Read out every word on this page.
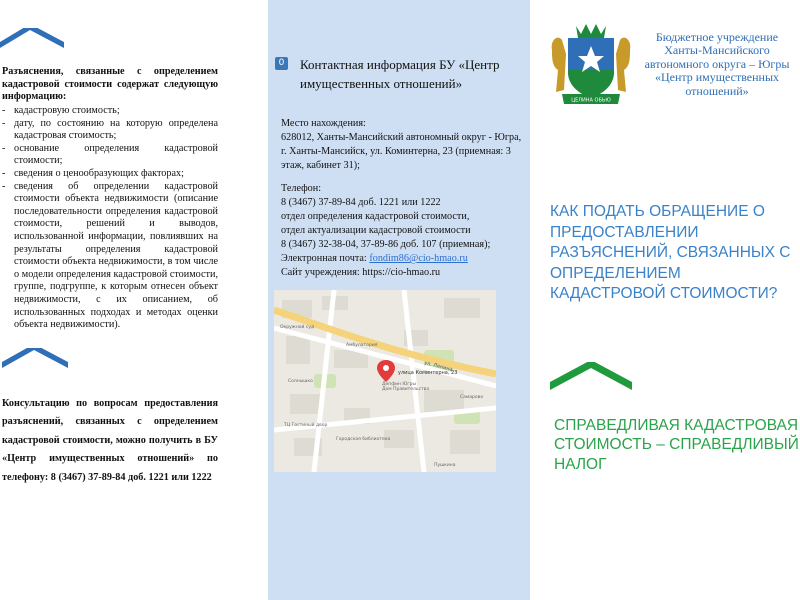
Разъяснения, связанные с определением кадастровой стоимости содержат следующую информацию:
- кадастровую стоимость;
- дату, по состоянию на которую определена кадастровая стоимость;
- основание определения кадастровой стоимости;
- сведения о ценообразующих факторах;
- сведения об определении кадастровой стоимости объекта недвижимости (описание последовательности определения кадастровой стоимости, решений и выводов, использованной информации, повлиявших на результаты определения кадастровой стоимости объекта недвижимости, в том числе о модели определения кадастровой стоимости, группе, подгруппе, к которым отнесен объект недвижимости, с их описанием, об использованных подходах и методах оценки объекта недвижимости).
Консультацию по вопросам предоставления разъяснений, связанных с определением кадастровой стоимости, можно получить в БУ «Центр имущественных отношений» по телефону: 8 (3467) 37-89-84 доб. 1221 или 1222
0 Контактная информация БУ «Центр имущественных отношений»
Место нахождения:
628012, Ханты-Мансийский автономный округ - Югра, г. Ханты-Мансийск, ул. Коминтерна, 23 (приемная: 3 этаж, кабинет 31);
Телефон:
8 (3467) 37-89-84 доб. 1221 или 1222
отдел определения кадастровой стоимости,
отдел актуализации кадастровой стоимости
8 (3467) 32-38-04, 37-89-86 доб. 107 (приемная);
Электронная почта: fondim86@cio-hmao.ru
Сайт учреждения: https://cio-hmao.ru
ул. Ленина
Депфин Югры
Дом Правительства
Окружной суд
Солнышко
ТЦ Гостиный двор
Амбулатория
Городская библиотека
Самарово
Пушкина
улица Коминтерна, 23
ЦЕЛИНА ОБЬЮ
Бюджетное учреждение Ханты-Мансийского автономного округа – Югры «Центр имущественных отношений»
КАК ПОДАТЬ ОБРАЩЕНИЕ О ПРЕДОСТАВЛЕНИИ РАЗЪЯСНЕНИЙ, СВЯЗАННЫХ С ОПРЕДЕЛЕНИЕМ КАДАСТРОВОЙ СТОИМОСТИ?
СПРАВЕДЛИВАЯ КАДАСТРОВАЯ СТОИМОСТЬ – СПРАВЕДЛИВЫЙ НАЛОГ
